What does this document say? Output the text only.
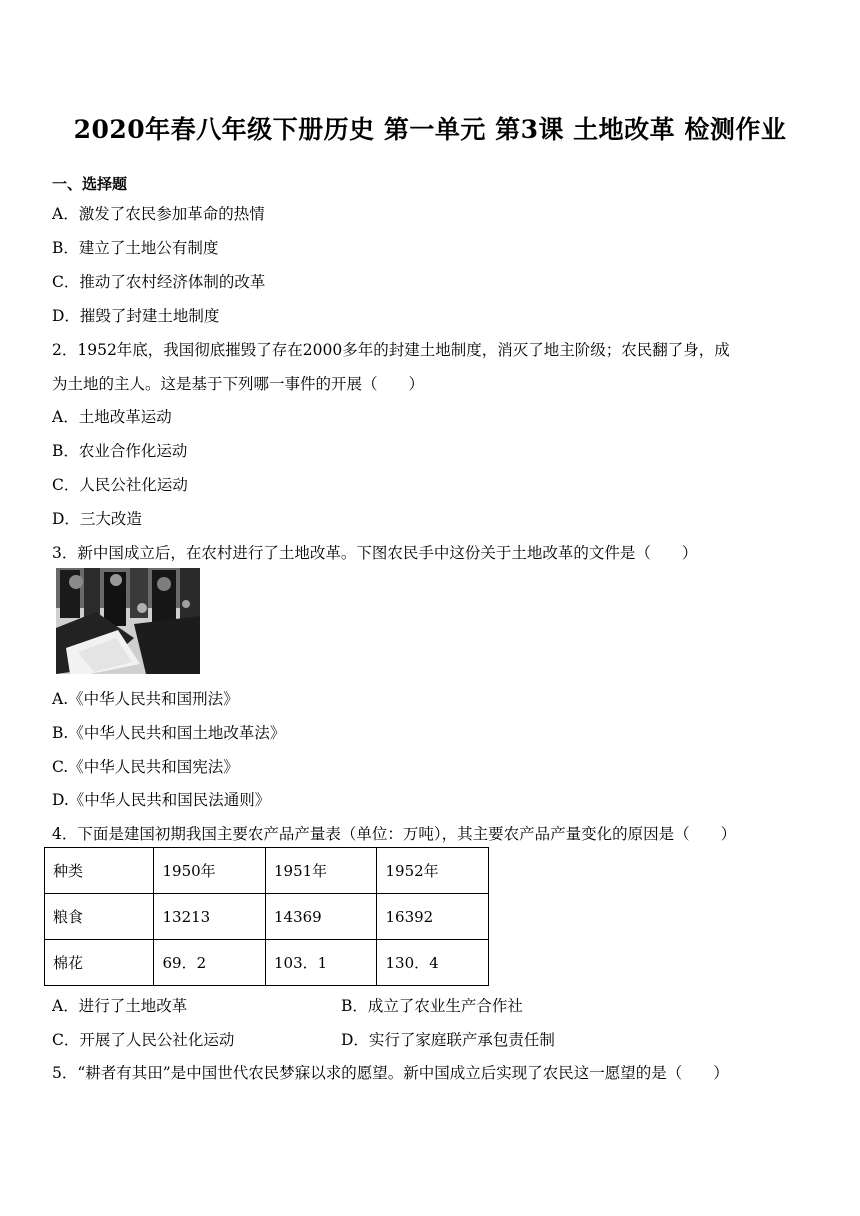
2020年春八年级下册历史 第一单元 第3课 土地改革 检测作业
一、选择题
A．激发了农民参加革命的热情
B．建立了土地公有制度
C．推动了农村经济体制的改革
D．摧毁了封建土地制度
2．1952年底，我国彻底摧毁了存在2000多年的封建土地制度，消灭了地主阶级；农民翻了身，成
为土地的主人。这是基于下列哪一事件的开展（　　）
A．土地改革运动
B．农业合作化运动
C．人民公社化运动
D．三大改造
3．新中国成立后，在农村进行了土地改革。下图农民手中这份关于土地改革的文件是（　　）
A.《中华人民共和国刑法》
B.《中华人民共和国土地改革法》
C.《中华人民共和国宪法》
D.《中华人民共和国民法通则》
4．下面是建国初期我国主要农产品产量表（单位：万吨），其主要农产品产量变化的原因是（　　）
种类	1950年	1951年	1952年
粮食	13213	14369	16392
棉花	69．2	103．1	130．4
A．进行了土地改革	B．成立了农业生产合作社
C．开展了人民公社化运动	D．实行了家庭联产承包责任制
5．“耕者有其田”是中国世代农民梦寐以求的愿望。新中国成立后实现了农民这一愿望的是（　　）
